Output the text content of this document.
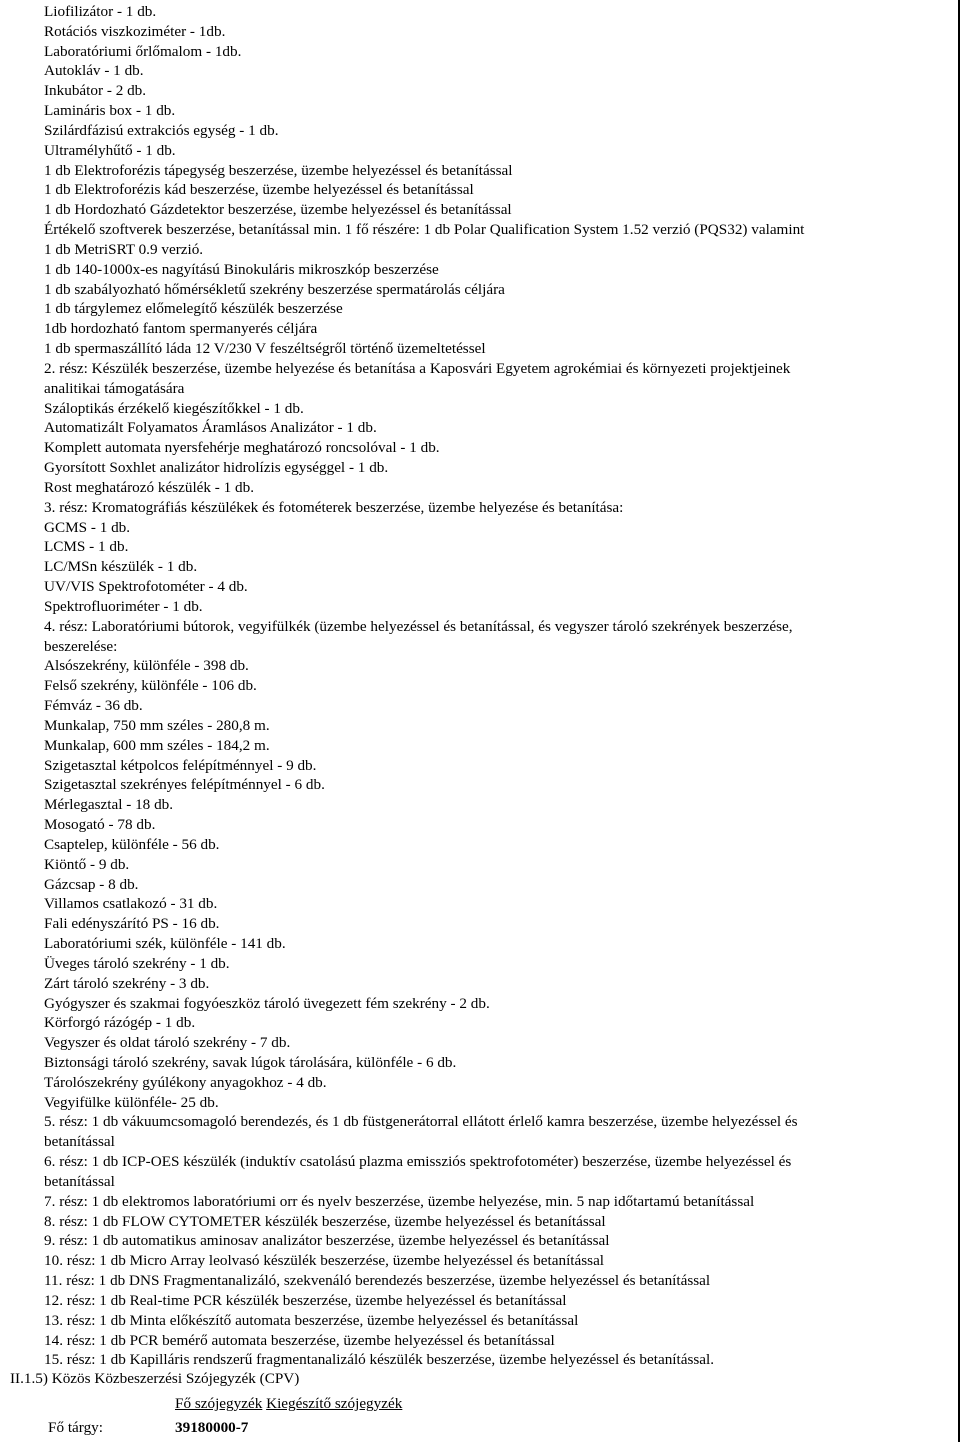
Liofilizátor - 1 db.
Rotációs viszkoziméter - 1db.
Laboratóriumi őrlőmalom - 1db.
Autokláv - 1 db.
Inkubátor - 2 db.
Lamináris box - 1 db.
Szilárdfázisú extrakciós egység - 1 db.
Ultramélyhűtő - 1 db.
1 db Elektroforézis tápegység beszerzése, üzembe helyezéssel és betanítással
1 db Elektroforézis kád beszerzése, üzembe helyezéssel és betanítással
1 db Hordozható Gázdetektor beszerzése, üzembe helyezéssel és betanítással
Értékelő szoftverek beszerzése, betanítással min. 1 fő részére: 1 db Polar Qualification System 1.52 verzió (PQS32) valamint
1 db MetriSRT 0.9 verzió.
1 db 140-1000x-es nagyítású Binokuláris mikroszkóp beszerzése
1 db szabályozható hőmérsékletű szekrény beszerzése spermatárolás céljára
1 db tárgylemez előmelegítő készülék beszerzése
1db hordozható fantom spermanyerés céljára
1 db spermaszállító láda 12 V/230 V feszéltségről történő üzemeltetéssel
2. rész: Készülék beszerzése, üzembe helyezése és betanítása a Kaposvári Egyetem agrokémiai és környezeti projektjeinek
analitikai támogatására
Száloptikás érzékelő kiegészítőkkel - 1 db.
Automatizált Folyamatos Áramlásos Analizátor - 1 db.
Komplett automata nyersfehérje meghatározó roncsolóval - 1 db.
Gyorsított Soxhlet analizátor hidrolízis egységgel - 1 db.
Rost meghatározó készülék - 1 db.
3. rész: Kromatográfiás készülékek és fotométerek beszerzése, üzembe helyezése és betanítása:
GCMS - 1 db.
LCMS - 1 db.
LC/MSn készülék - 1 db.
UV/VIS Spektrofotométer - 4 db.
Spektrofluoriméter - 1 db.
4. rész: Laboratóriumi bútorok, vegyifülkék (üzembe helyezéssel és betanítással, és vegyszer tároló szekrények beszerzése,
beszerelése:
Alsószekrény, különféle - 398 db.
Felső szekrény, különféle - 106 db.
Fémváz - 36 db.
Munkalap, 750 mm széles - 280,8 m.
Munkalap, 600 mm széles - 184,2 m.
Szigetasztal kétpolcos felépítménnyel - 9 db.
Szigetasztal szekrényes felépítménnyel - 6 db.
Mérlegasztal - 18 db.
Mosogató - 78 db.
Csaptelep, különféle - 56 db.
Kiöntő - 9 db.
Gázcsap - 8 db.
Villamos csatlakozó - 31 db.
Fali edényszárító PS - 16 db.
Laboratóriumi szék, különféle - 141 db.
Üveges tároló szekrény - 1 db.
Zárt tároló szekrény - 3 db.
Gyógyszer és szakmai fogyóeszköz tároló üvegezett fém szekrény - 2 db.
Körforgó rázógép - 1 db.
Vegyszer és oldat tároló szekrény - 7 db.
Biztonsági tároló szekrény, savak lúgok tárolására, különféle - 6 db.
Tárolószekrény gyúlékony anyagokhoz - 4 db.
Vegyifülke különféle- 25 db.
5. rész: 1 db vákuumcsomagoló berendezés, és 1 db füstgenerátorral ellátott érlelő kamra beszerzése, üzembe helyezéssel és
betanítással
6. rész: 1 db ICP-OES készülék (induktív csatolású plazma emissziós spektrofotométer) beszerzése, üzembe helyezéssel és
betanítással
7. rész: 1 db elektromos laboratóriumi orr és nyelv beszerzése, üzembe helyezése, min. 5 nap időtartamú betanítással
8. rész: 1 db FLOW CYTOMETER készülék beszerzése, üzembe helyezéssel és betanítással
9. rész: 1 db automatikus aminosav analizátor beszerzése, üzembe helyezéssel és betanítással
10. rész: 1 db Micro Array leolvasó készülék beszerzése, üzembe helyezéssel és betanítással
11. rész: 1 db DNS Fragmentanalizáló, szekvenáló berendezés beszerzése, üzembe helyezéssel és betanítással
12. rész: 1 db Real-time PCR készülék beszerzése, üzembe helyezéssel és betanítással
13. rész: 1 db Minta előkészítő automata beszerzése, üzembe helyezéssel és betanítással
14. rész: 1 db PCR bemérő automata beszerzése, üzembe helyezéssel és betanítással
15. rész: 1 db Kapilláris rendszerű fragmentanalizáló készülék beszerzése, üzembe helyezéssel és betanítással.
II.1.5) Közös Közbeszerzési Szójegyzék (CPV)
Fő szójegyzék Kiegészítő szójegyzék
Fő tárgy:	39180000-7
